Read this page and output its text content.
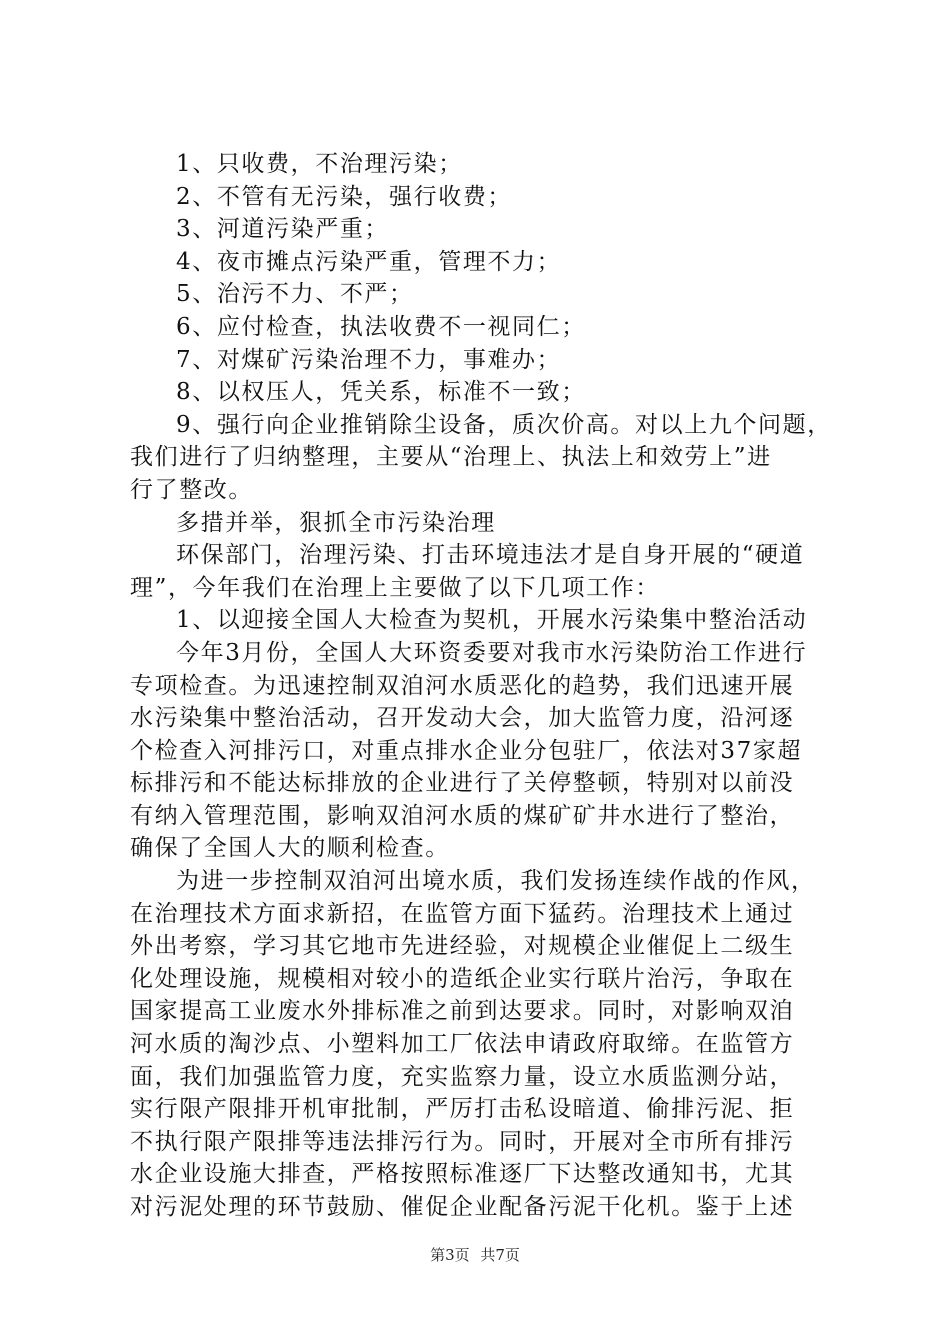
1、只收费，不治理污染；
2、不管有无污染，强行收费；
3、河道污染严重；
4、夜市摊点污染严重，管理不力；
5、治污不力、不严；
6、应付检查，执法收费不一视同仁；
7、对煤矿污染治理不力，事难办；
8、以权压人，凭关系，标准不一致；
9、强行向企业推销除尘设备，质次价高。对以上九个问题，
我们进行了归纳整理，主要从“治理上、执法上和效劳上”进
行了整改。
多措并举，狠抓全市污染治理
环保部门，治理污染、打击环境违法才是自身开展的“硬道
理”，今年我们在治理上主要做了以下几项工作：
1、以迎接全国人大检查为契机，开展水污染集中整治活动
今年3月份，全国人大环资委要对我市水污染防治工作进行
专项检查。为迅速控制双洎河水质恶化的趋势，我们迅速开展
水污染集中整治活动，召开发动大会，加大监管力度，沿河逐
个检查入河排污口，对重点排水企业分包驻厂，依法对37家超
标排污和不能达标排放的企业进行了关停整顿，特别对以前没
有纳入管理范围，影响双洎河水质的煤矿矿井水进行了整治，
确保了全国人大的顺利检查。
为进一步控制双洎河出境水质，我们发扬连续作战的作风，
在治理技术方面求新招，在监管方面下猛药。治理技术上通过
外出考察，学习其它地市先进经验，对规模企业催促上二级生
化处理设施，规模相对较小的造纸企业实行联片治污，争取在
国家提高工业废水外排标准之前到达要求。同时，对影响双洎
河水质的淘沙点、小塑料加工厂依法申请政府取缔。在监管方
面，我们加强监管力度，充实监察力量，设立水质监测分站，
实行限产限排开机审批制，严厉打击私设暗道、偷排污泥、拒
不执行限产限排等违法排污行为。同时，开展对全市所有排污
水企业设施大排查，严格按照标准逐厂下达整改通知书，尤其
对污泥处理的环节鼓励、催促企业配备污泥干化机。鉴于上述
第3页 共7页
